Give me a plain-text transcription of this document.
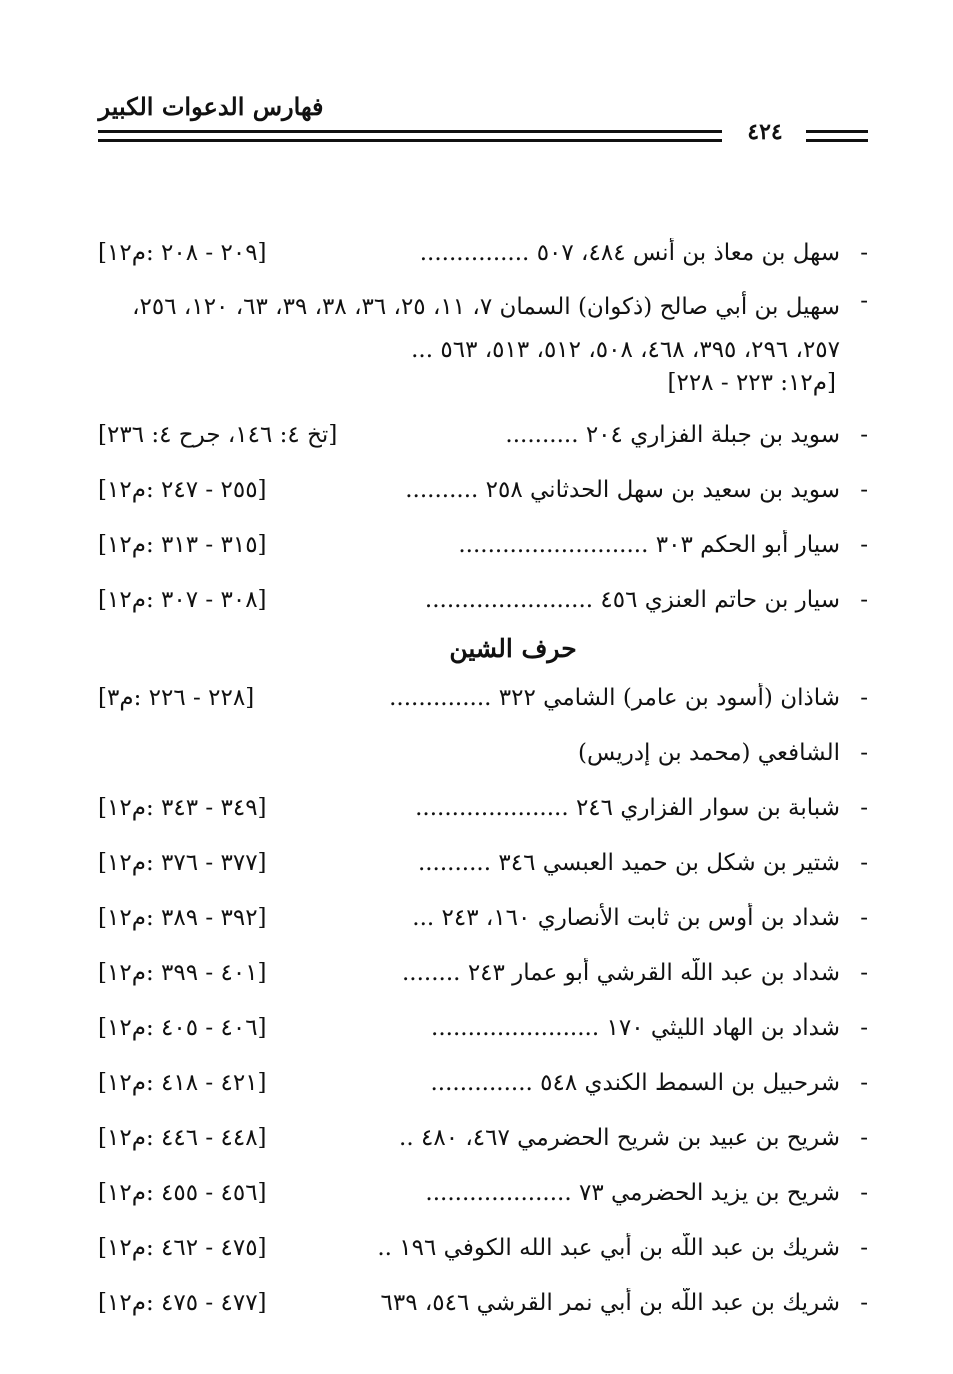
فهارس الدعوات الكبير
٤٢٤
-
سهل بن معاذ بن أنس ٤٨٤، ٥٠٧ ...............
[٢٠٩ - ٢٠٨ :م١٢]
-
سهيل بن أبي صالح (ذكوان) السمان ٧، ١١، ٢٥، ٣٦، ٣٨، ٣٩، ٦٣، ١٢٠، ٢٥٦، ٢٥٧، ٢٩٦، ٣٩٥، ٤٦٨، ٥٠٨، ٥١٢، ٥١٣، ٥٦٣ ...
[م١٢: ٢٢٣ - ٢٢٨]
-
سويد بن جبلة الفزاري ٢٠٤ ..........
[تخ ٤: ١٤٦، جرح ٤: ٢٣٦]
-
سويد بن سعيد بن سهل الحدثاني ٢٥٨ ..........
[٢٥٥ - ٢٤٧ :م١٢]
-
سيار أبو الحكم ٣٠٣ ..........................
[٣١٥ - ٣١٣ :م١٢]
-
سيار بن حاتم العنزي ٤٥٦ .......................
[٣٠٨ - ٣٠٧ :م١٢]
حرف الشين
-
شاذان (أسود بن عامر) الشامي ٣٢٢ ..............
[٢٢٨ - ٢٢٦ :م٣]
-
الشافعي (محمد بن إدريس)
-
شبابة بن سوار الفزاري ٢٤٦ .....................
[٣٤٩ - ٣٤٣ :م١٢]
-
شتير بن شكل بن حميد العبسي ٣٤٦ ..........
[٣٧٧ - ٣٧٦ :م١٢]
-
شداد بن أوس بن ثابت الأنصاري ١٦٠، ٢٤٣ ...
[٣٩٢ - ٣٨٩ :م١٢]
-
شداد بن عبد اللّه القرشي أبو عمار ٢٤٣ ........
[٤٠١ - ٣٩٩ :م١٢]
-
شداد بن الهاد الليثي ١٧٠ .......................
[٤٠٦ - ٤٠٥ :م١٢]
-
شرحبيل بن السمط الكندي ٥٤٨ ..............
[٤٢١ - ٤١٨ :م١٢]
-
شريح بن عبيد بن شريح الحضرمي ٤٦٧، ٤٨٠ ..
[٤٤٨ - ٤٤٦ :م١٢]
-
شريح بن يزيد الحضرمي ٧٣ ....................
[٤٥٦ - ٤٥٥ :م١٢]
-
شريك بن عبد اللّه بن أبي عبد الله الكوفي ١٩٦ ..
[٤٧٥ - ٤٦٢ :م١٢]
-
شريك بن عبد اللّه بن أبي نمر القرشي ٥٤٦، ٦٣٩
[٤٧٧ - ٤٧٥ :م١٢]
